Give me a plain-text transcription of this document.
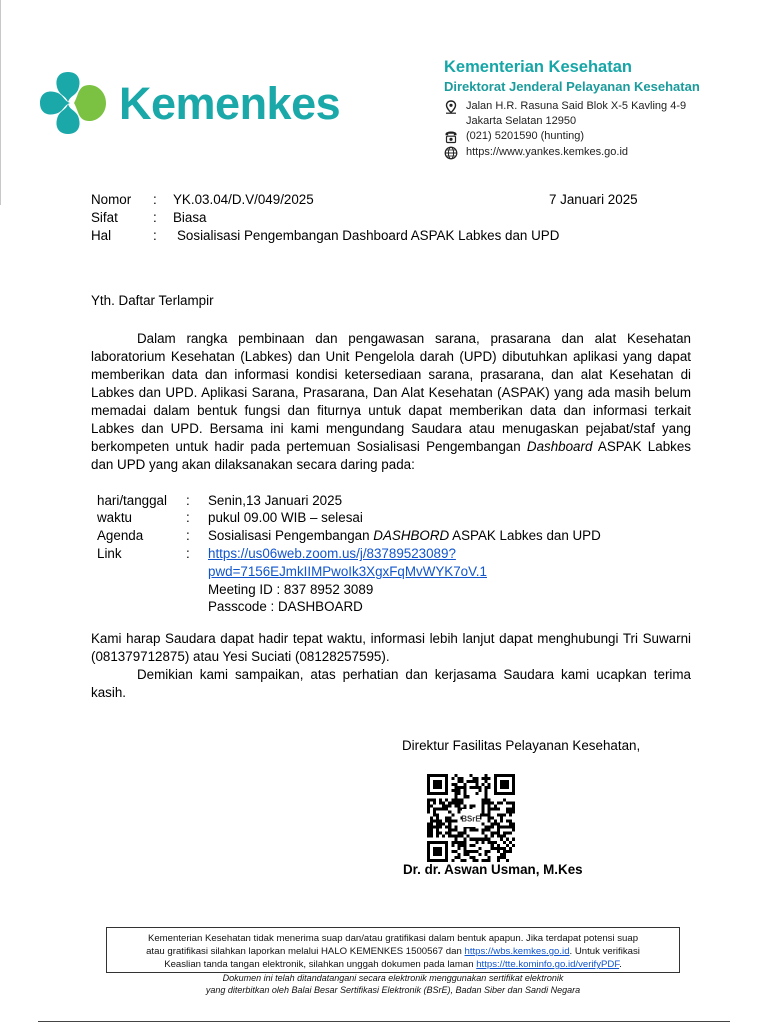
Kemenkes
Kementerian Kesehatan
Direktorat Jenderal Pelayanan Kesehatan
Jalan H.R. Rasuna Said Blok X-5 Kavling 4-9
Jakarta Selatan 12950
(021) 5201590 (hunting)
https://www.yankes.kemkes.go.id
Nomor : YK.03.04/D.V/049/2025	7 Januari 2025
Sifat	: Biasa
Hal	: Sosialisasi Pengembangan Dashboard ASPAK Labkes dan UPD
Yth. Daftar Terlampir
Dalam rangka pembinaan dan pengawasan sarana, prasarana dan alat Kesehatan laboratorium Kesehatan (Labkes) dan Unit Pengelola darah (UPD) dibutuhkan aplikasi yang dapat memberikan data dan informasi kondisi ketersediaan sarana, prasarana, dan alat Kesehatan di Labkes dan UPD. Aplikasi Sarana, Prasarana, Dan Alat Kesehatan (ASPAK) yang ada masih belum memadai dalam bentuk fungsi dan fiturnya untuk dapat memberikan data dan informasi terkait Labkes dan UPD. Bersama ini kami mengundang Saudara atau menugaskan pejabat/staf yang berkompeten untuk hadir pada pertemuan Sosialisasi Pengembangan Dashboard ASPAK Labkes dan UPD yang akan dilaksanakan secara daring pada:
hari/tanggal : Senin,13 Januari 2025
waktu	: pukul 09.00 WIB – selesai
Agenda	: Sosialisasi Pengembangan DASHBORD ASPAK Labkes dan UPD
Link	: https://us06web.zoom.us/j/83789523089?
pwd=7156EJmkIIMPwoIk3XgxFqMvWYK7oV.1
Meeting ID : 837 8952 3089
Passcode : DASHBOARD
Kami harap Saudara dapat hadir tepat waktu, informasi lebih lanjut dapat menghubungi Tri Suwarni (081379712875) atau Yesi Suciati (08128257595).
Demikian kami sampaikan, atas perhatian dan kerjasama Saudara kami ucapkan terima kasih.
Direktur Fasilitas Pelayanan Kesehatan,
BSrE
Dr. dr. Aswan Usman, M.Kes
Kementerian Kesehatan tidak menerima suap dan/atau gratifikasi dalam bentuk apapun. Jika terdapat potensi suap
atau gratifikasi silahkan laporkan melalui HALO KEMENKES 1500567 dan https://wbs.kemkes.go.id. Untuk verifikasi
Keaslian tanda tangan elektronik, silahkan unggah dokumen pada laman https://tte.kominfo.go.id/verifyPDF.
Dokumen ini telah ditandatangani secara elektronik menggunakan sertifikat elektronik
yang diterbitkan oleh Balai Besar Sertifikasi Elektronik (BSrE), Badan Siber dan Sandi Negara
